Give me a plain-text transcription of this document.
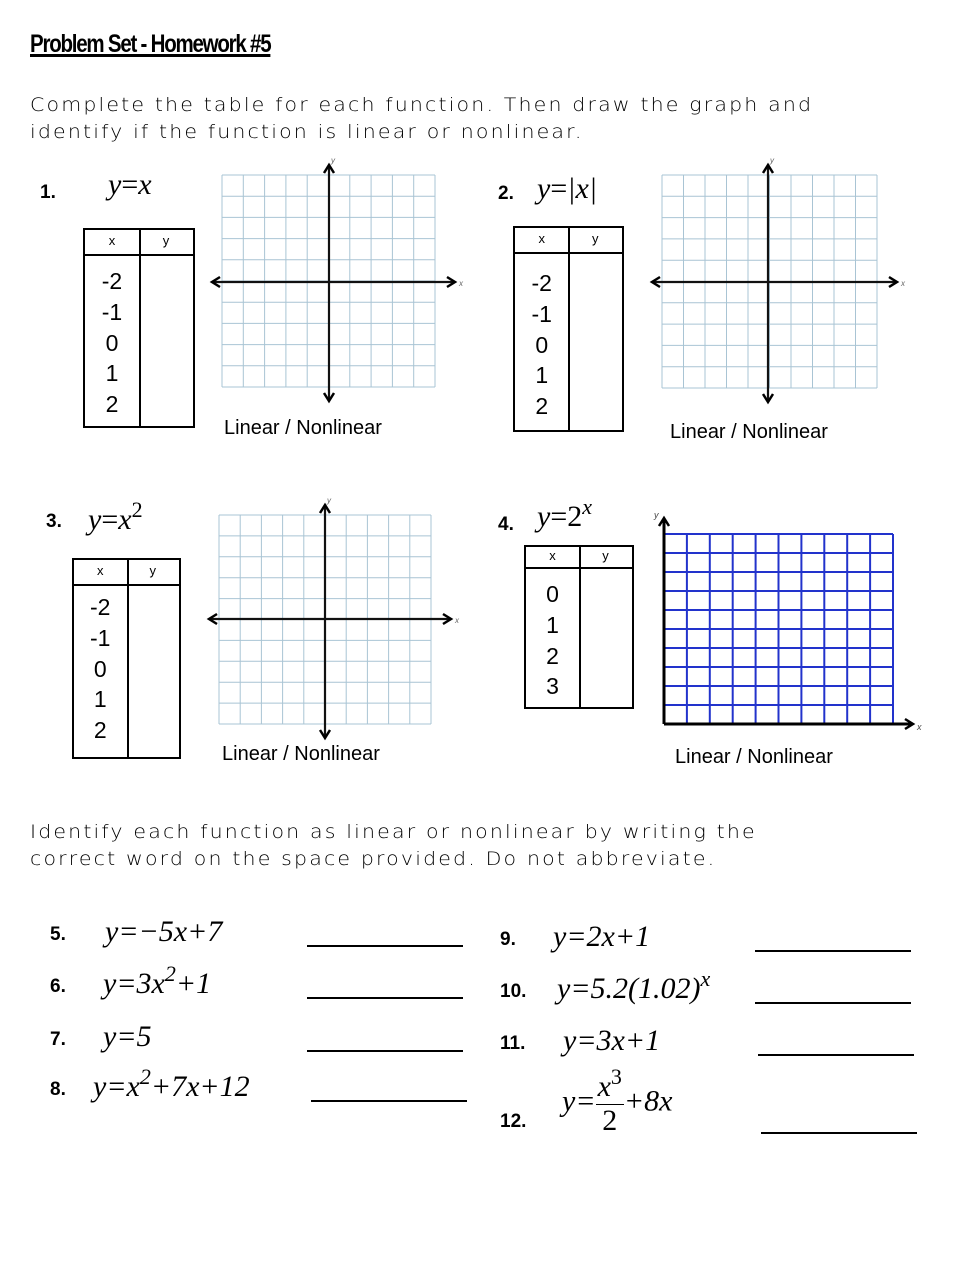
Problem Set - Homework #5
Complete the table for each function. Then draw the graph and
identify if the function is linear or nonlinear.
1. y=x
x	y
-2
-1
0
1
2
x
y
Linear / Nonlinear
2. y=|x|
x	y
-2
-1
0
1
2
x
y
Linear / Nonlinear
3. $y=x^2$
x	y
-2
-1
0
1
2
x
y
Linear / Nonlinear
4. $y=2^x$
x	y
0
1
2
3
x
y
Linear / Nonlinear
Identify each function as linear or nonlinear by writing the
correct word on the space provided. Do not abbreviate.
5. y=−5x+7
6. $y=3x^2+1$
7. y=5
8. $y=x^2+7x+12$
9. y=2x+1
10. $y=5.2(1.02)^x$
11. y=3x+1
12.
$y= \frac{x^3}{2} +8x$
